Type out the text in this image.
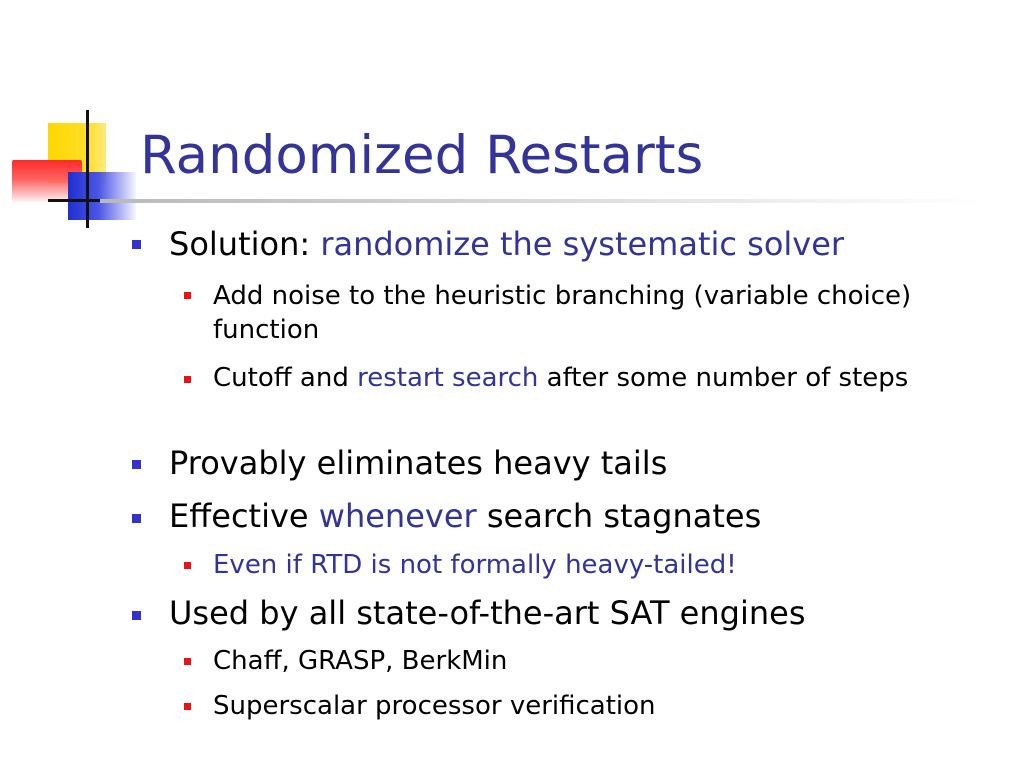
Randomized Restarts
Solution: randomize the systematic solver
Add noise to the heuristic branching (variable choice) function
Cutoff and restart search after some number of steps
Provably eliminates heavy tails
Effective whenever search stagnates
Even if RTD is not formally heavy-tailed!
Used by all state-of-the-art SAT engines
Chaff, GRASP, BerkMin
Superscalar processor verification
